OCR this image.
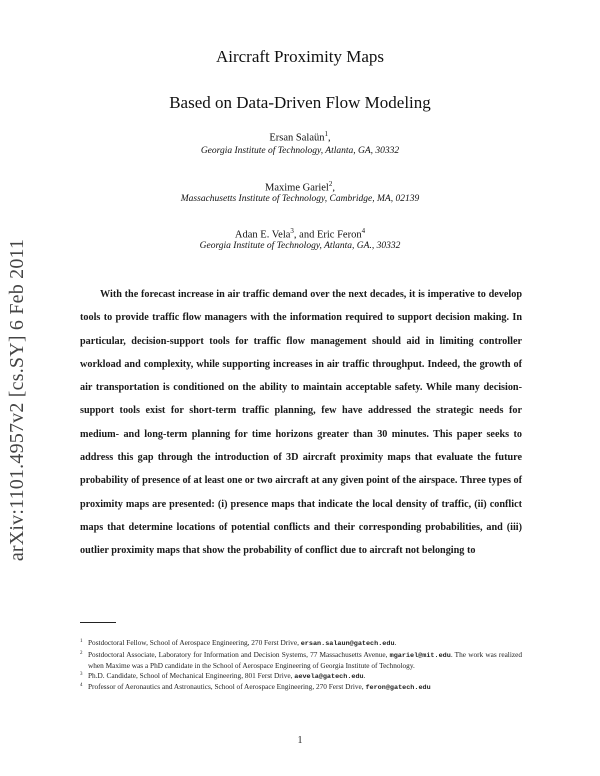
arXiv:1101.4957v2 [cs.SY] 6 Feb 2011
Aircraft Proximity Maps
Based on Data-Driven Flow Modeling
Ersan Salaün$^1$,
Georgia Institute of Technology, Atlanta, GA, 30332
Maxime Gariel$^2$,
Massachusetts Institute of Technology, Cambridge, MA, 02139
Adan E. Vela$^3$, and Eric Feron$^4$
Georgia Institute of Technology, Atlanta, GA., 30332
With the forecast increase in air traffic demand over the next decades, it is imperative to develop tools to provide traffic flow managers with the information required to support decision making. In particular, decision-support tools for traffic flow management should aid in limiting controller workload and complexity, while supporting increases in air traffic throughput. Indeed, the growth of air transportation is conditioned on the ability to maintain acceptable safety. While many decision-support tools exist for short-term traffic planning, few have addressed the strategic needs for medium- and long-term planning for time horizons greater than 30 minutes. This paper seeks to address this gap through the introduction of 3D aircraft proximity maps that evaluate the future probability of presence of at least one or two aircraft at any given point of the airspace. Three types of proximity maps are presented: (i) presence maps that indicate the local density of traffic, (ii) conflict maps that determine locations of potential conflicts and their corresponding probabilities, and (iii) outlier proximity maps that show the probability of conflict due to aircraft not belonging to

$^1$ Postdoctoral Fellow, School of Aerospace Engineering, 270 Ferst Drive, ersan.salaun@gatech.edu.

$^2$ Postdoctoral Associate, Laboratory for Information and Decision Systems, 77 Massachusetts Avenue, mgariel@mit.edu. The work was realized when Maxime was a PhD candidate in the School of Aerospace Engineering of Georgia Institute of Technology.

$^3$ Ph.D. Candidate, School of Mechanical Engineering, 801 Ferst Drive, aevela@gatech.edu.

$^4$ Professor of Aeronautics and Astronautics, School of Aerospace Engineering, 270 Ferst Drive, feron@gatech.edu

1
